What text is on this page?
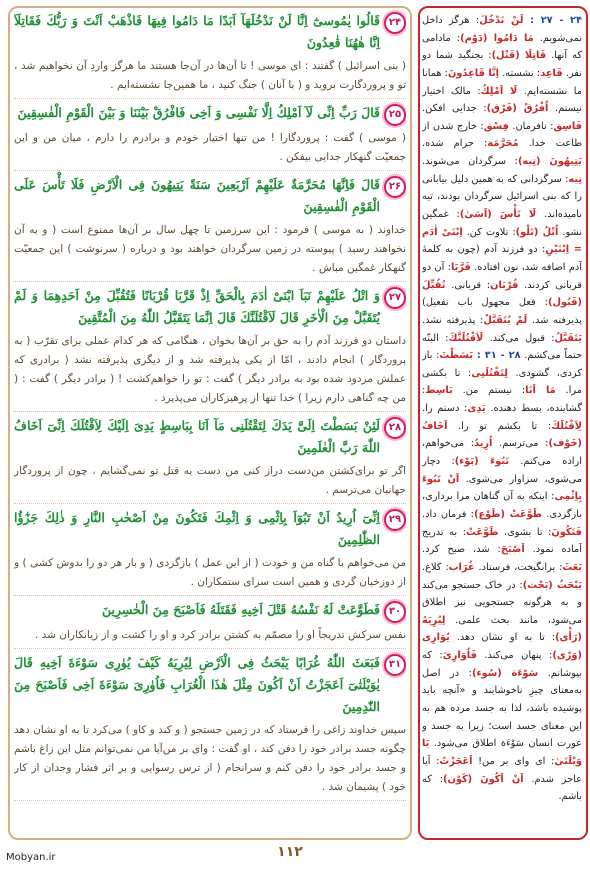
۲۴
قَالُوا يٰمُوسىٰٓ اِنَّا لَنْ نَدْخُلَهَآ اَبَدًا مَا دَامُوا فِيهَا فَاذْهَبْ اَنْتَ وَ رَبُّكَ فَقَاتِلَآ اِنَّا هٰهُنَا قٰعِدُونَ
( بنی اسرائیل ) گفتند : ای موسی ! تا آن‌ها در آن‌جا هستند ما هرگز واردِ آن نخواهیم شد ، تو و پروردگارت بروید و ( با آنان ) جنگ کنید ، ما همین‌جا نشسته‌ایم .
۲۵
قَالَ رَبِّ اِنِّى لَآ اَمْلِكُ اِلَّا نَفْسِى وَ اَخِى فَافْرُقْ بَيْنَنَا وَ بَيْنَ الْقَوْمِ الْفٰسِقِينَ
( موسی ) گفت : پروردگارا ! من تنها اختیار خودم و برادرم را دارم ، میان من و این جمعیّت گنهکار جدایی بیفکن .
۲۶
قَالَ فَاِنَّهَا مُحَرَّمَةٌ عَلَيْهِمْ اَرْبَعِينَ سَنَةً يَتِيهُونَ فِى الْاَرْضِ فَلَا تَأْسَ عَلَى الْقَوْمِ الْفٰسِقِينَ
خداوند ( به موسی ) فرمود : این سرزمین تا چهل سال بر آن‌ها ممنوع است ( و به آن نخواهند رسید ) پیوسته در زمین سرگردان خواهند بود و درباره ( سرنوشت ) این جمعیّت گنهکار غمگین مباش .
۲۷
وَ اتْلُ عَلَيْهِمْ نَبَاَ ابْنَىْ اٰدَمَ بِالْحَقِّ اِذْ قَرَّبَا قُرْبَانًا فَتُقُبِّلَ مِنْ اَحَدِهِمَا وَ لَمْ يُتَقَبَّلْ مِنَ الْاٰخَرِ قَالَ لَاَقْتُلَنَّكَ قَالَ اِنَّمَا يَتَقَبَّلُ اللّٰهُ مِنَ الْمُتَّقِينَ
داستان دو فرزند آدم را به حق بر آن‌ها بخوان ، هنگامی که هر کدام عملی برای تقرّب ( به پروردگار ) انجام دادند ، امّا از یکی پذیرفته شد و از دیگری پذیرفته نشد ( برادری که عملش مردود شده بود به برادر دیگر ) گفت : تو را خواهم‌کشت ! ( برادر دیگر ) گفت : ( من چه گناهی دارم زیرا ) خدا تنها از پرهیزکاران می‌پذیرد .
۲۸
لَئِنْ بَسَطْتَ اِلَىَّ يَدَكَ لِتَقْتُلَنِى مَآ اَنَا بِبَاسِطٍ يَدِىَ اِلَيْكَ لِاَقْتُلَكَ اِنِّىٓ اَخَافُ اللّٰهَ رَبَّ الْعٰلَمِينَ
اگر تو برای‌کشتن من‌دست دراز کنی من دست به قتل تو نمی‌گشایم ، چون از پروردگار جهانیان می‌ترسم .
۲۹
اِنِّىٓ اُرِيدُ اَنْ تَبُوٓاَ بِاِثْمِى وَ اِثْمِكَ فَتَكُونَ مِنْ اَصْحٰبِ النَّارِ وَ ذٰلِكَ جَزٰٓؤُا الظّٰلِمِينَ
من می‌خواهم با گناه من و خودت ( از این عمل ) بازگردی ( و بار هر دو را بدوش کشی ) و از دوزخیان گردی و همین است سزای ستمکاران .
۳۰
فَطَوَّعَتْ لَهُ نَفْسُهُ قَتْلَ اَخِيهِ فَقَتَلَهُ فَاَصْبَحَ مِنَ الْخٰسِرِينَ
نفس سرکش تدریجاً او را مصمّم به کشتن برادر کرد و او را کشت و از زیانکاران شد .
۳۱
فَبَعَثَ اللّٰهُ غُرَابًا يَبْحَثُ فِى الْاَرْضِ لِيُرِيَهُ كَيْفَ يُوٰرِى سَوْءَةَ اَخِيهِ قَالَ يٰوَيْلَتٰىٓ اَعَجَزْتُ اَنْ اَكُونَ مِثْلَ هٰذَا الْغُرَابِ فَاُوٰرِىَ سَوْءَةَ اَخِى فَاَصْبَحَ مِنَ النّٰدِمِينَ
سپس خداوند زاغی را فرستاد که در زمین جستجو ( و کند و کاو ) می‌کرد تا به او نشان دهد چگونه جسد برادر خود را دفن کند ، او گفت : وای بر من‌آیا من نمی‌توانم مثل این زاغ باشم و جسد برادر خود را دفن کنم و سرانجام ( از ترس رسوایی و بر اثر فشار وجدان از کار خود ) پشیمان شد .
۲۴ - ۲۷ : لَنْ نَدْخُلَ: هرگز داخل نمی‌شویم. مَا دَامُوا (دَوْم): مادامی که آنها. قَاتِلَا (قَتْل): بجنگید شما دو نفر. قَاعِد: نشسته. اِنَّا قَاعِدُونَ: همانا ما نشسته‌ایم. لَا اَمْلِكُ: مالک اختیار نیستم. اُفْرُقْ (فَرْق): جدایی افکن. فَاسِق: نافرمان. فِسْق: خارج شدن از طاعت خدا. مُحَرَّمَة: حرام شده. يَتِيهُونَ (تِيه): سرگردان می‌شوند. تِيه: سرگردانی که به همین دلیل بیابانی را که بنی اسرائیل سرگردان بودند، تیه نامیده‌اند. لَا تَأْسَ (اَسَىٰ): غمگین نشو. اُتْلُ (تَلْو): تلاوت کن. اِبْنَىْ اٰدَم = اِبْنَيْنِ: دو فرزند آدم (چون به کلمهٔ آدم اضافه شد، نون افتاده. قَرَّبَا: آن دو قربانی کردند. قُرْبَان: قربانی. تُقُبِّلَ (قَبُول): فعل مجهول باب تفعیل) پذیرفته شد. لَمْ يُتَقَبَّلْ: پذیرفته نشد. يَتَقَبَّلُ: قبول می‌کند. لَاَقْتُلَنَّكَ: البتّه حتماً می‌کشم. ۲۸ - ۳۱ : بَسَطْتَ: باز کردی، گشودی. لِتَقْتُلَنِى: تا بکشی مرا. مَا اَنَا: نیستم من. بَاسِط: گشاینده، بسط دهنده. يَدِى: دستم را. لِاَقْتُلَكَ: تا بکشم تو را. اَخَافُ (خَوْف): می‌ترسم. اُرِيدُ: می‌خواهم، اراده می‌کنم. تَبُوءَ (بَوْء): دچار می‌شوی، سزاوار می‌شوی. اَنْ تَبُوءَ بِاِثْمِى: اینکه به آن گناهان مرا برداری، بازگردی. طَوَّعَتْ (طَوْع): فرمان داد. فَتَكُونَ: تا بشوی. طَوَّعَتْ: به تدریج آماده نمود. اَصْبَحَ: شد، صبح کرد. بَعَثَ: برانگیخت، فرستاد. غُرَاب: کلاغ. يَبْحَثُ (بَحْث): در خاک جستجو می‌کند و به هرگونه جستجویی نیز اطلاق می‌شود، مانند بحث علمی. لِيُرِيَهُ (رَأْى): تا به او نشان دهد. يُوَارِى (وَرْى): پنهان می‌کند. فَاُوَارِىَ: که بپوشانم. سَوْءَة (سُوء): در اصل به‌معنای چیزِ ناخوشایند و «آنچه باید پوشیده باشد، لذا به جسد مرده هم به این معنای جسد است؛ زیرا به جسد و عورت انسان سَوْءَة اطلاق می‌شود. يَا وَيْلَتَىٰ: ای وای بر من! اَعَجَزْتُ: آیا عاجز شدم. اَنْ اَكُونَ (كَوْن): که باشم.
۱۱۲
Mobyan.ir
